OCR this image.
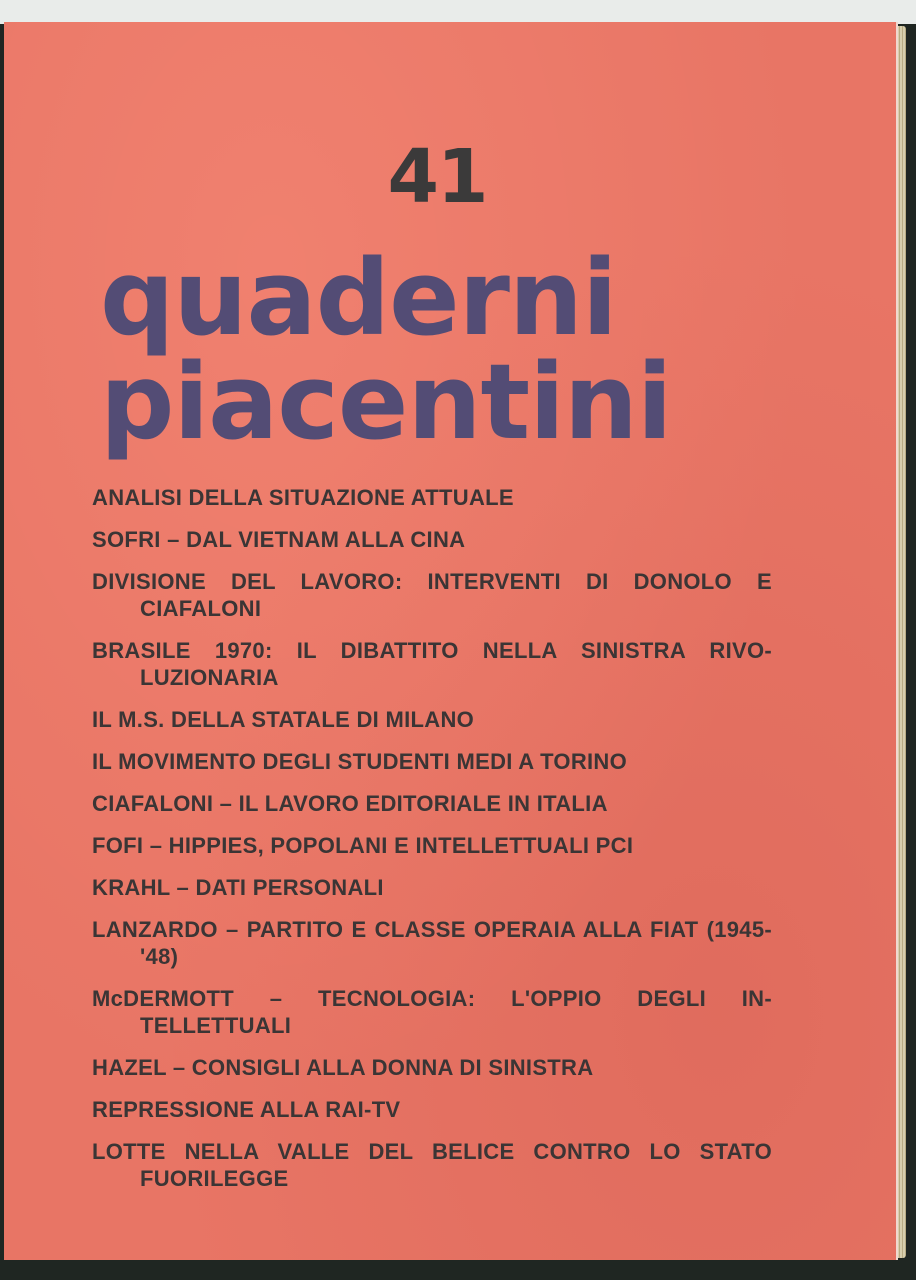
41
quaderni
piacentini
ANALISI DELLA SITUAZIONE ATTUALE
SOFRI – DAL VIETNAM ALLA CINA
DIVISIONE DEL LAVORO: INTERVENTI DI DONOLO E CIAFALONI
BRASILE 1970: IL DIBATTITO NELLA SINISTRA RIVO-LUZIONARIA
IL M.S. DELLA STATALE DI MILANO
IL MOVIMENTO DEGLI STUDENTI MEDI A TORINO
CIAFALONI – IL LAVORO EDITORIALE IN ITALIA
FOFI – HIPPIES, POPOLANI E INTELLETTUALI PCI
KRAHL – DATI PERSONALI
LANZARDO – PARTITO E CLASSE OPERAIA ALLA FIAT (1945-'48)
McDERMOTT – TECNOLOGIA: L'OPPIO DEGLI IN-TELLETTUALI
HAZEL – CONSIGLI ALLA DONNA DI SINISTRA
REPRESSIONE ALLA RAI-TV
LOTTE NELLA VALLE DEL BELICE CONTRO LO STATO FUORILEGGE
